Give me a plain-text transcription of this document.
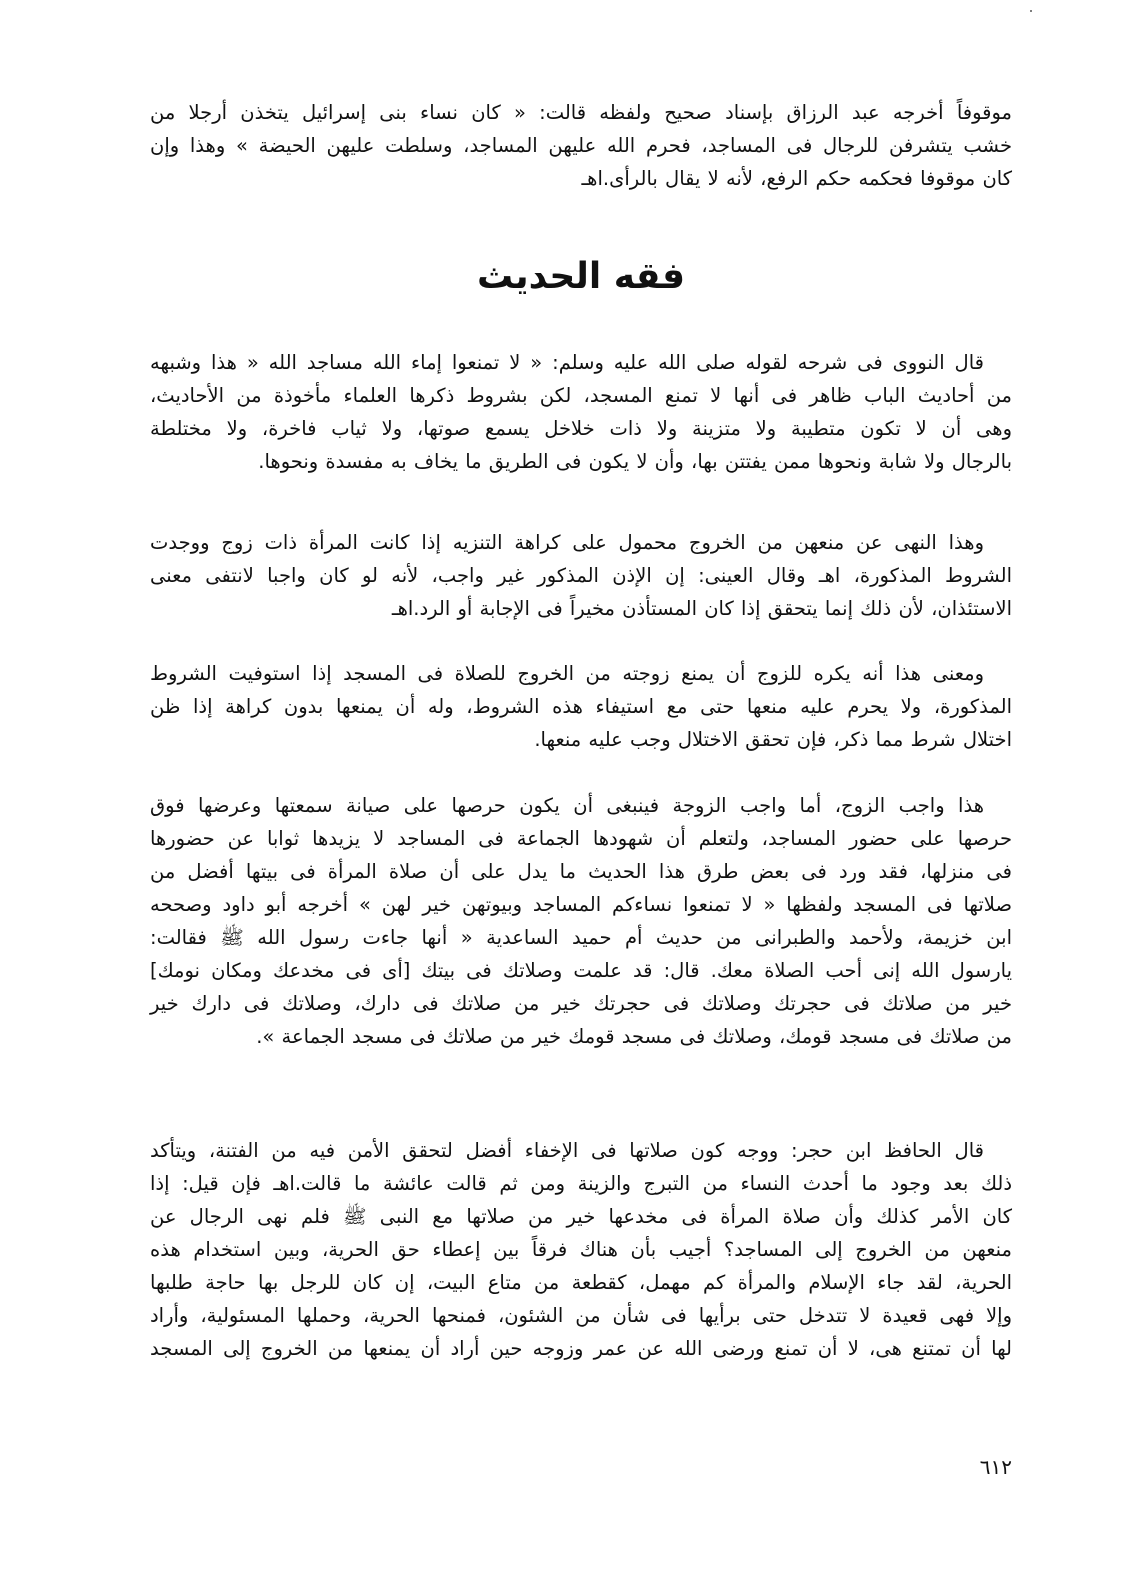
موقوفاً أخرجه عبد الرزاق بإسناد صحيح ولفظه قالت: « كان نساء بنى إسرائيل يتخذن أرجلا من
خشب يتشرفن للرجال فى المساجد، فحرم الله عليهن المساجد، وسلطت عليهن الحيضة » وهذا وإن
كان موقوفا فحكمه حكم الرفع، لأنه لا يقال بالرأى.اهـ

فقه الحديث

قال النووى فى شرحه لقوله صلى الله عليه وسلم: « لا تمنعوا إماء الله مساجد الله « هذا وشبهه
من أحاديث الباب ظاهر فى أنها لا تمنع المسجد، لكن بشروط ذكرها العلماء مأخوذة من الأحاديث،
وهى أن لا تكون متطيبة ولا متزينة ولا ذات خلاخل يسمع صوتها، ولا ثياب فاخرة، ولا مختلطة
بالرجال ولا شابة ونحوها ممن يفتتن بها، وأن لا يكون فى الطريق ما يخاف به مفسدة ونحوها.

وهذا النهى عن منعهن من الخروج محمول على كراهة التنزيه إذا كانت المرأة ذات زوج ووجدت
الشروط المذكورة، اهـ وقال العينى: إن الإذن المذكور غير واجب، لأنه لو كان واجبا لانتفى معنى
الاستئذان، لأن ذلك إنما يتحقق إذا كان المستأذن مخيراً فى الإجابة أو الرد.اهـ

ومعنى هذا أنه يكره للزوج أن يمنع زوجته من الخروج للصلاة فى المسجد إذا استوفيت الشروط
المذكورة، ولا يحرم عليه منعها حتى مع استيفاء هذه الشروط، وله أن يمنعها بدون كراهة إذا ظن
اختلال شرط مما ذكر، فإن تحقق الاختلال وجب عليه منعها.

هذا واجب الزوج، أما واجب الزوجة فينبغى أن يكون حرصها على صيانة سمعتها وعرضها فوق
حرصها على حضور المساجد، ولتعلم أن شهودها الجماعة فى المساجد لا يزيدها ثوابا عن حضورها
فى منزلها، فقد ورد فى بعض طرق هذا الحديث ما يدل على أن صلاة المرأة فى بيتها أفضل من
صلاتها فى المسجد ولفظها « لا تمنعوا نساءكم المساجد وبيوتهن خير لهن » أخرجه أبو داود وصححه
ابن خزيمة، ولأحمد والطبرانى من حديث أم حميد الساعدية « أنها جاءت رسول الله ﷺ فقالت:
يارسول الله إنى أحب الصلاة معك. قال: قد علمت وصلاتك فى بيتك [أى فى مخدعك ومكان نومك]
خير من صلاتك فى حجرتك وصلاتك فى حجرتك خير من صلاتك فى دارك، وصلاتك فى دارك خير
من صلاتك فى مسجد قومك، وصلاتك فى مسجد قومك خير من صلاتك فى مسجد الجماعة ».

قال الحافظ ابن حجر: ووجه كون صلاتها فى الإخفاء أفضل لتحقق الأمن فيه من الفتنة، ويتأكد
ذلك بعد وجود ما أحدث النساء من التبرج والزينة ومن ثم قالت عائشة ما قالت.اهـ فإن قيل: إذا
كان الأمر كذلك وأن صلاة المرأة فى مخدعها خير من صلاتها مع النبى ﷺ فلم نهى الرجال عن
منعهن من الخروج إلى المساجد؟ أجيب بأن هناك فرقاً بين إعطاء حق الحرية، وبين استخدام هذه
الحرية، لقد جاء الإسلام والمرأة كم مهمل، كقطعة من متاع البيت، إن كان للرجل بها حاجة طلبها
وإلا فهى قعيدة لا تتدخل حتى برأيها فى شأن من الشئون، فمنحها الحرية، وحملها المسئولية، وأراد
لها أن تمتنع هى، لا أن تمنع ورضى الله عن عمر وزوجه حين أراد أن يمنعها من الخروج إلى المسجد

٦١٢
